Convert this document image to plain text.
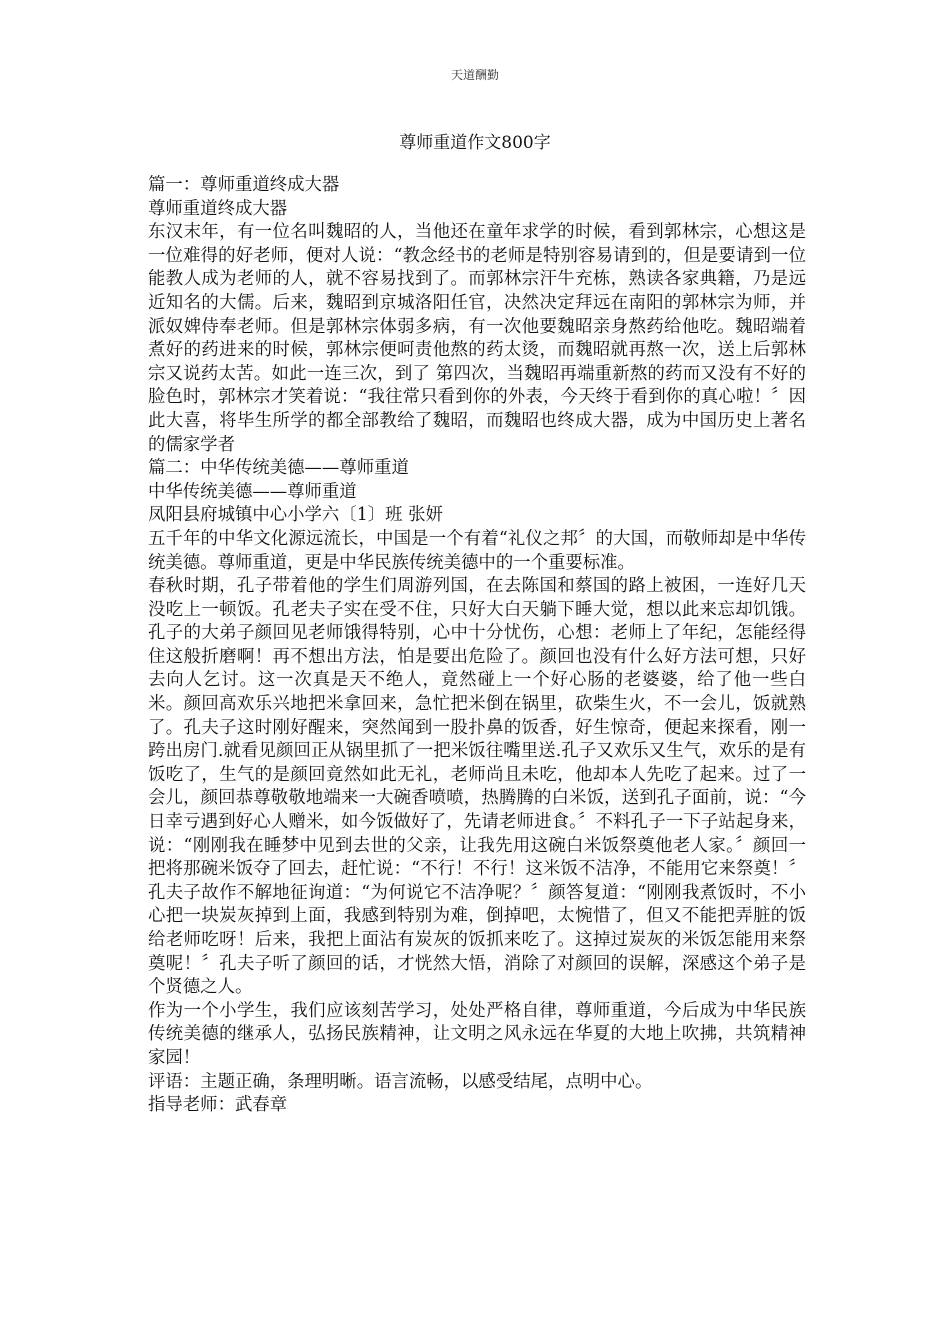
天道酬勤
尊师重道作文800字

篇一：尊师重道终成大器

尊师重道终成大器

东汉末年，有一位名叫魏昭的人，当他还在童年求学的时候，看到郭林宗，心想这是一位难得的好老师，便对人说：“教念经书的老师是特别容易请到的，但是要请到一位能教人成为老师的人，就不容易找到了。而郭林宗汗牛充栋，熟读各家典籍，乃是远近知名的大儒。后来，魏昭到京城洛阳任官，决然决定拜远在南阳的郭林宗为师，并派奴婢侍奉老师。但是郭林宗体弱多病，有一次他要魏昭亲身熬药给他吃。魏昭端着煮好的药进来的时候，郭林宗便呵责他熬的药太烫，而魏昭就再熬一次，送上后郭林宗又说药太苦。如此一连三次，到了 第四次，当魏昭再端重新熬的药而又没有不好的脸色时，郭林宗才笑着说：“我往常只看到你的外表，今天终于看到你的真心啦！〞因此大喜，将毕生所学的都全部教给了魏昭，而魏昭也终成大器，成为中国历史上著名的儒家学者

篇二：中华传统美德——尊师重道

中华传统美德——尊师重道

凤阳县府城镇中心小学六〔1〕班 张妍

五千年的中华文化源远流长，中国是一个有着“礼仪之邦〞的大国，而敬师却是中华传统美德。尊师重道，更是中华民族传统美德中的一个重要标准。

春秋时期，孔子带着他的学生们周游列国，在去陈国和蔡国的路上被困，一连好几天没吃上一顿饭。孔老夫子实在受不住，只好大白天躺下睡大觉，想以此来忘却饥饿。孔子的大弟子颜回见老师饿得特别，心中十分忧伤，心想：老师上了年纪，怎能经得住这般折磨啊！再不想出方法，怕是要出危险了。颜回也没有什么好方法可想，只好去向人乞讨。这一次真是天不绝人，竟然碰上一个好心肠的老婆婆，给了他一些白米。颜回高欢乐兴地把米拿回来，急忙把米倒在锅里，砍柴生火，不一会儿，饭就熟了。孔夫子这时刚好醒来，突然闻到一股扑鼻的饭香，好生惊奇，便起来探看，刚一跨出房门.就看见颜回正从锅里抓了一把米饭往嘴里送.孔子又欢乐又生气，欢乐的是有饭吃了，生气的是颜回竟然如此无礼，老师尚且未吃，他却本人先吃了起来。过了一会儿，颜回恭尊敬敬地端来一大碗香喷喷，热腾腾的白米饭，送到孔子面前，说：“今日幸亏遇到好心人赠米，如今饭做好了，先请老师进食。〞不料孔子一下子站起身来，说：“刚刚我在睡梦中见到去世的父亲，让我先用这碗白米饭祭奠他老人家。〞颜回一把将那碗米饭夺了回去，赶忙说：“不行！不行！这米饭不洁净，不能用它来祭奠！〞孔夫子故作不解地征询道：“为何说它不洁净呢？〞颜答复道：“刚刚我煮饭时，不小心把一块炭灰掉到上面，我感到特别为难，倒掉吧，太惋惜了，但又不能把弄脏的饭给老师吃呀！后来，我把上面沾有炭灰的饭抓来吃了。这掉过炭灰的米饭怎能用来祭奠呢！〞孔夫子听了颜回的话，才恍然大悟，消除了对颜回的误解，深感这个弟子是个贤德之人。

作为一个小学生，我们应该刻苦学习，处处严格自律，尊师重道，今后成为中华民族传统美德的继承人，弘扬民族精神，让文明之风永远在华夏的大地上吹拂，共筑精神家园！

评语：主题正确，条理明晰。语言流畅，以感受结尾，点明中心。

指导老师：武春章
